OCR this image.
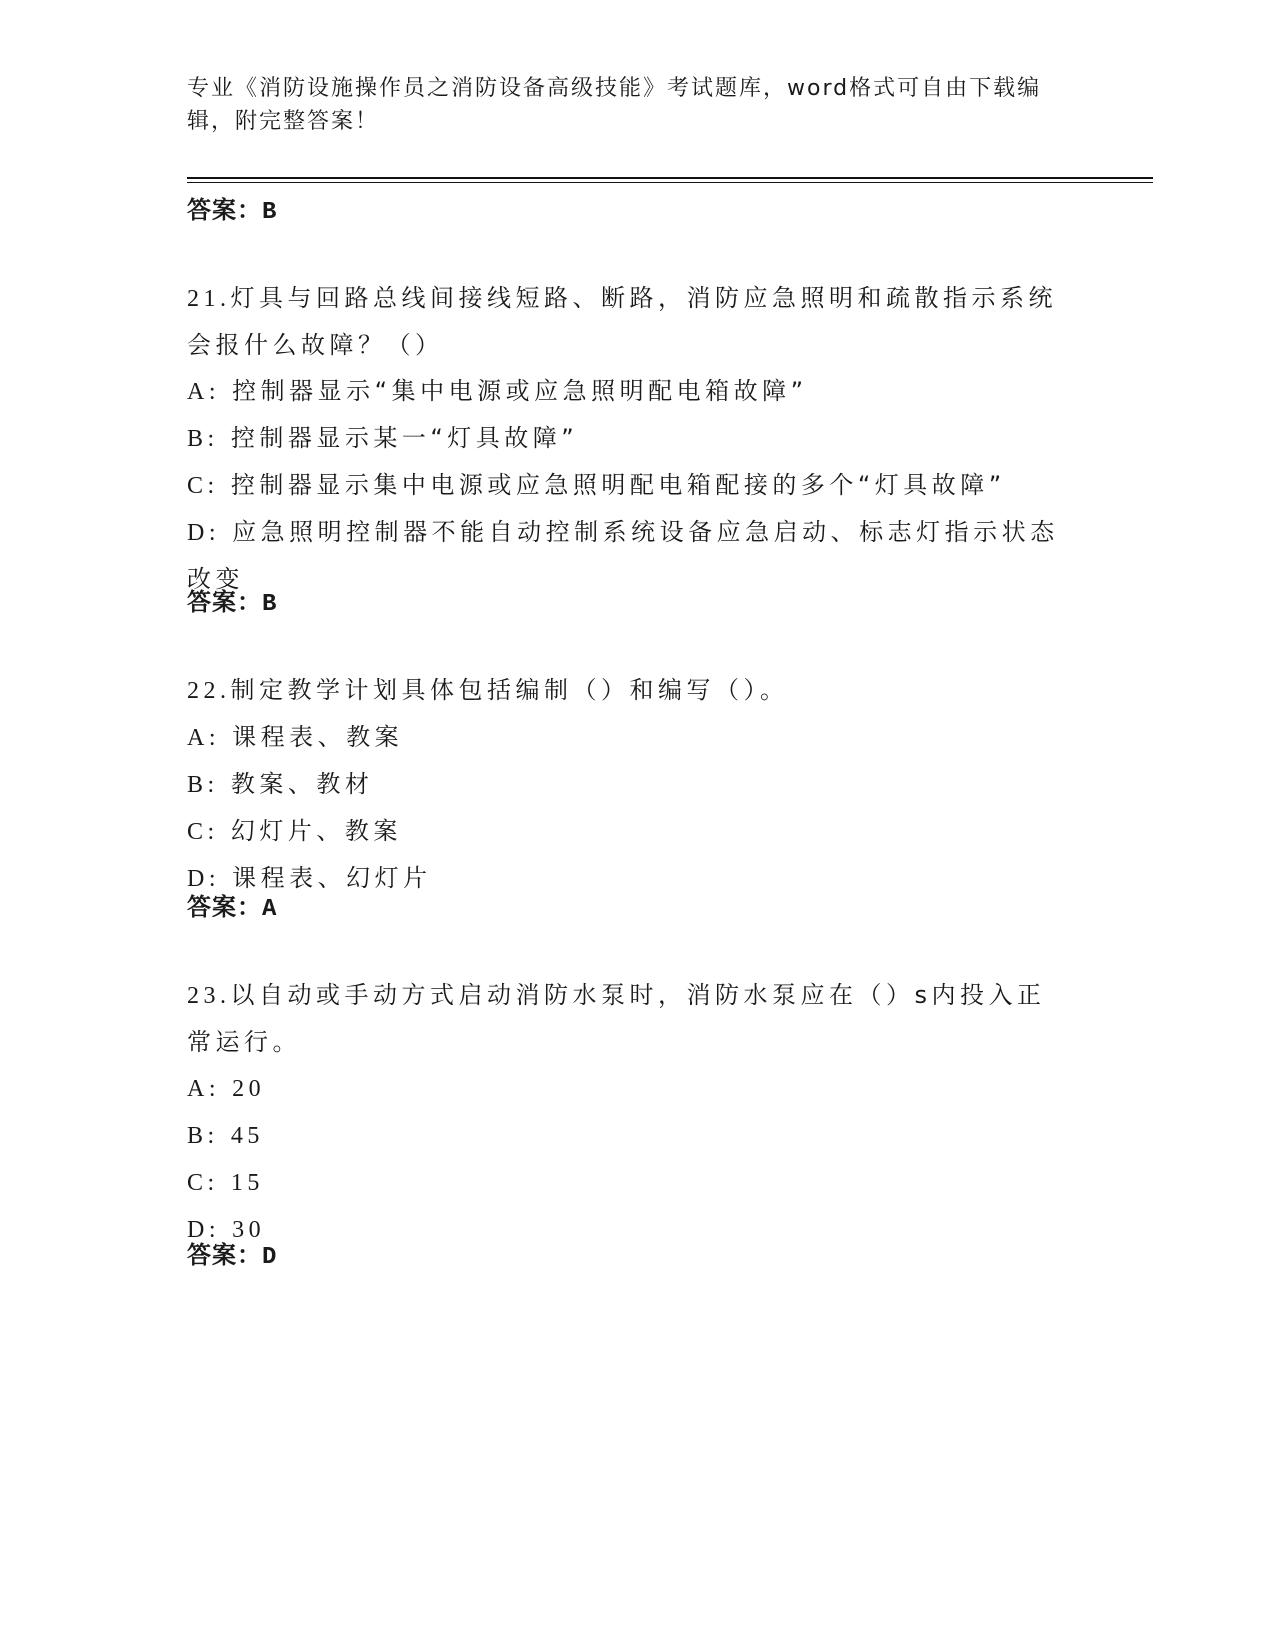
专业《消防设施操作员之消防设备高级技能》考试题库，word格式可自由下载编
辑，附完整答案！
答案：B

21.灯具与回路总线间接线短路、断路，消防应急照明和疏散指示系统

会报什么故障？（）

A: 控制器显示“集中电源或应急照明配电箱故障”

B: 控制器显示某一“灯具故障”

C: 控制器显示集中电源或应急照明配电箱配接的多个“灯具故障”

D: 应急照明控制器不能自动控制系统设备应急启动、标志灯指示状态

改变

答案：B

22.制定教学计划具体包括编制（）和编写（）。

A: 课程表、教案

B: 教案、教材

C: 幻灯片、教案

D: 课程表、幻灯片

答案：A

23.以自动或手动方式启动消防水泵时，消防水泵应在（）s内投入正

常运行。

A: 20

B: 45

C: 15

D: 30

答案：D
